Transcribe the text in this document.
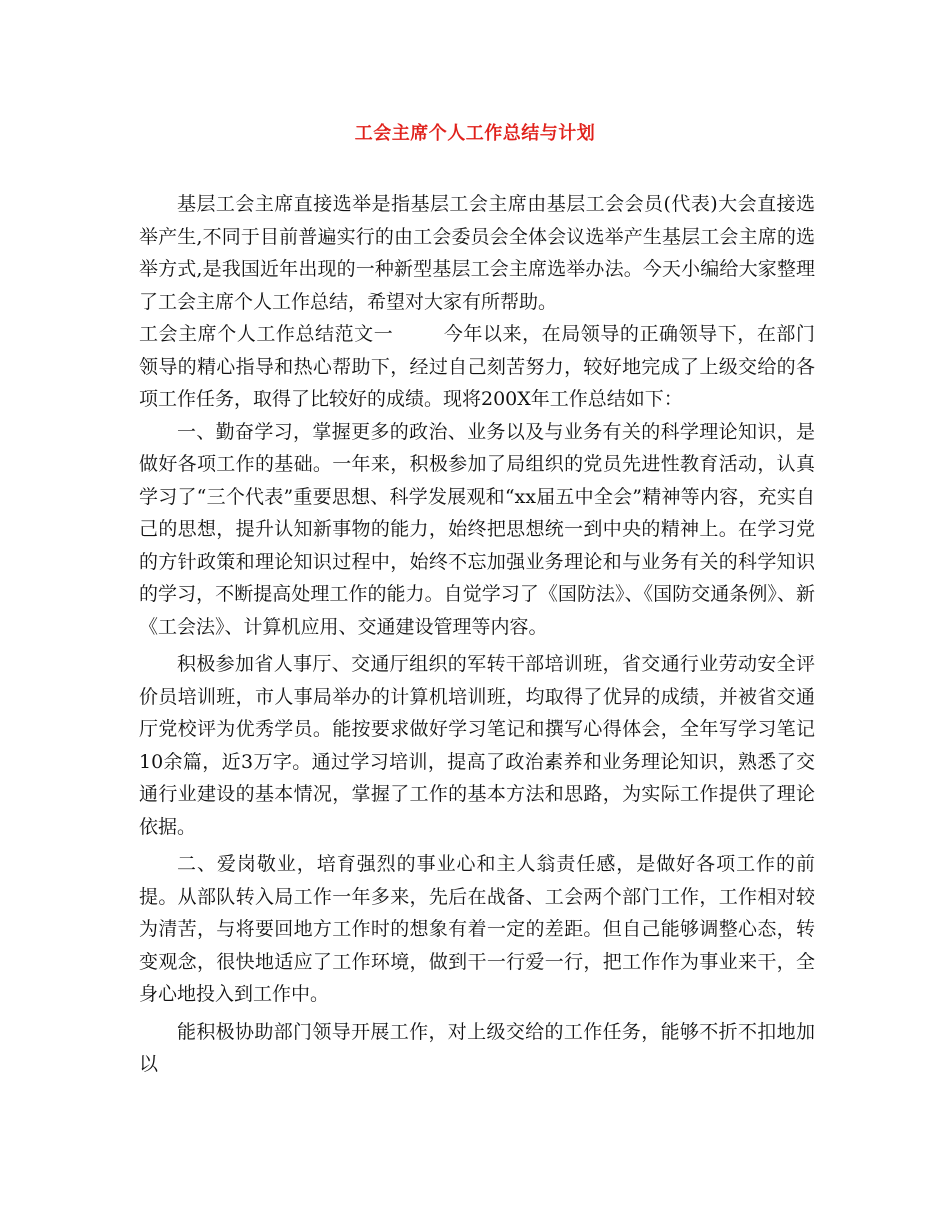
工会主席个人工作总结与计划

基层工会主席直接选举是指基层工会主席由基层工会会员(代表)大会直接选举产生,不同于目前普遍实行的由工会委员会全体会议选举产生基层工会主席的选举方式,是我国近年出现的一种新型基层工会主席选举办法。今天小编给大家整理了工会主席个人工作总结，希望对大家有所帮助。

工会主席个人工作总结范文一	今年以来，在局领导的正确领导下，在部门领导的精心指导和热心帮助下，经过自己刻苦努力，较好地完成了上级交给的各项工作任务，取得了比较好的成绩。现将200X年工作总结如下：

一、勤奋学习，掌握更多的政治、业务以及与业务有关的科学理论知识，是做好各项工作的基础。一年来，积极参加了局组织的党员先进性教育活动，认真学习了“三个代表”重要思想、科学发展观和“xx届五中全会”精神等内容，充实自己的思想，提升认知新事物的能力，始终把思想统一到中央的精神上。在学习党的方针政策和理论知识过程中，始终不忘加强业务理论和与业务有关的科学知识的学习，不断提高处理工作的能力。自觉学习了《国防法》、《国防交通条例》、新《工会法》、计算机应用、交通建设管理等内容。

积极参加省人事厅、交通厅组织的军转干部培训班，省交通行业劳动安全评价员培训班，市人事局举办的计算机培训班，均取得了优异的成绩，并被省交通厅党校评为优秀学员。能按要求做好学习笔记和撰写心得体会，全年写学习笔记10余篇，近3万字。通过学习培训，提高了政治素养和业务理论知识，熟悉了交通行业建设的基本情况，掌握了工作的基本方法和思路，为实际工作提供了理论依据。

二、爱岗敬业，培育强烈的事业心和主人翁责任感，是做好各项工作的前提。从部队转入局工作一年多来，先后在战备、工会两个部门工作，工作相对较为清苦，与将要回地方工作时的想象有着一定的差距。但自己能够调整心态，转变观念，很快地适应了工作环境，做到干一行爱一行，把工作作为事业来干，全身心地投入到工作中。

能积极协助部门领导开展工作，对上级交给的工作任务，能够不折不扣地加以
